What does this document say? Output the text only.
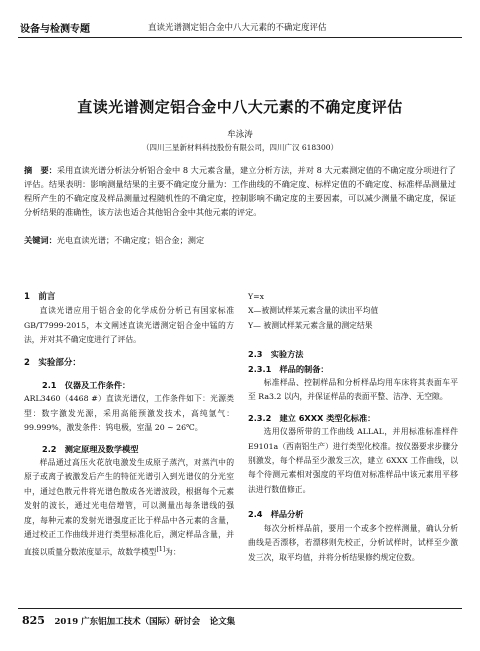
设备与检测专题	直读光谱测定铝合金中八大元素的不确定度评估
直读光谱测定铝合金中八大元素的不确定度评估
牟泳涛
（四川三星新材料科技股份有限公司，四川广汉 618300）
摘　要：采用直读光谱分析法分析铝合金中 8 大元素含量，建立分析方法，并对 8 大元素测定值的不确定度分项进行了评估。结果表明：影响测量结果的主要不确定度分量为：工作曲线的不确定度、标样定值的不确定度、标准样品测量过程所产生的不确定度及样品测量过程随机性的不确定度，控制影响不确定度的主要因素，可以减少测量不确定度，保证分析结果的准确性，该方法也适合其他铝合金中其他元素的评定。
关键词：光电直读光谱；不确定度；铝合金；测定
1　前言
直读光谱应用于铝合金的化学成份分析已有国家标准 GB/T7999-2015，本文阐述直读光谱测定铝合金中锰的方法，并对其不确定度进行了评估。
2　实验部分：
2.1　仪器及工作条件：
ARL3460（4468 #）直读光谱仪，工作条件如下：光源类型：数字激发光源，采用高能预激发技术，高纯氩气：99.999%，激发条件：钨电极，室温 20 ~ 26℃。
2.2　测定原理及数学模型
样品通过高压火花放电激发生成原子蒸汽，对蒸汽中的原子或离子被激发后产生的特征光谱引入到光谱仪的分光室中，通过色散元件将光谱色散成各光谱波段，根据每个元素发射的波长，通过光电倍增管，可以测量出每条谱线的强度，每种元素的发射光谱强度正比于样品中各元素的含量，通过校正工作曲线并进行类型标准化后，测定样品含量，并直接以质量分数浓度显示，故数学模型[1]为：
Y=x
X—被测试样某元素含量的读出平均值
Y— 被测试样某元素含量的测定结果
2.3　实验方法
2.3.1　样品的制备：
标准样品、控制样品和分析样品均用车床将其表面车平至 Ra3.2 以内，并保证样品的表面平整、洁净、无空隙。
2.3.2　建立 6XXX 类型化标准：
选用仪器所带的工作曲线 ALLAL，并用标准标准样件 E9101a（西南铝生产）进行类型化校准。按仪器要求步骤分别激发，每个样品至少激发三次，建立 6XXX 工作曲线，以每个待测元素相对强度的平均值对标准样品中该元素用平移法进行数值修正。
2.4　样品分析
每次分析样品前，要用一个或多个控样测量，确认分析曲线是否漂移，若漂移则先校正，分析试样时，试样至少激发三次，取平均值，并将分析结果修约规定位数。
825 2019 广东铝加工技术（国际）研讨会 论文集
